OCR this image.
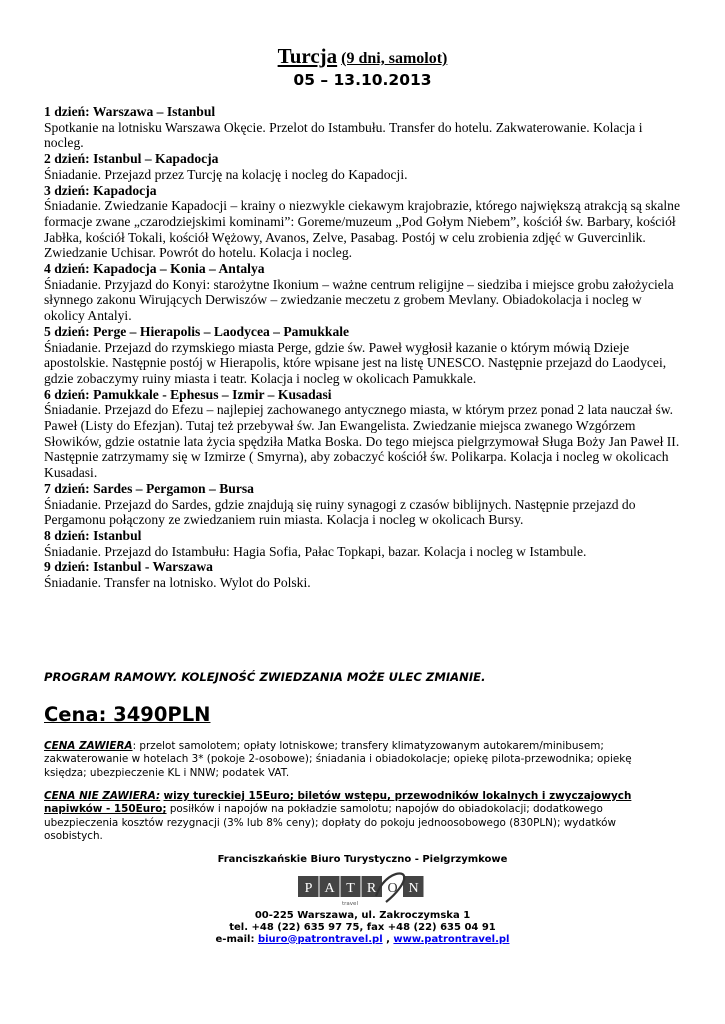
Turcja (9 dni, samolot)
05 – 13.10.2013

1 dzień: Warszawa – Istanbul

Spotkanie na lotnisku Warszawa Okęcie. Przelot do Istambułu. Transfer do hotelu. Zakwaterowanie. Kolacja i nocleg.

2 dzień: Istanbul – Kapadocja

Śniadanie. Przejazd przez Turcję na kolację i nocleg do Kapadocji.

3 dzień: Kapadocja

Śniadanie. Zwiedzanie Kapadocji – krainy o niezwykle ciekawym krajobrazie, którego największą atrakcją są skalne formacje zwane „czarodziejskimi kominami”: Goreme/muzeum „Pod Gołym Niebem”, kościół św. Barbary, kościół Jabłka, kościół Tokali, kościół Wężowy, Avanos, Zelve, Pasabag. Postój w celu zrobienia zdjęć w Guvercinlik. Zwiedzanie Uchisar. Powrót do hotelu. Kolacja i nocleg.

4 dzień: Kapadocja – Konia – Antalya

Śniadanie. Przyjazd do Konyi: starożytne Ikonium – ważne centrum religijne – siedziba i miejsce grobu założyciela słynnego zakonu Wirujących Derwiszów – zwiedzanie meczetu z grobem Mevlany. Obiadokolacja i nocleg w okolicy Antalyi.

5 dzień: Perge – Hierapolis – Laodycea – Pamukkale

Śniadanie. Przejazd do rzymskiego miasta Perge, gdzie św. Paweł wygłosił kazanie o którym mówią Dzieje apostolskie. Następnie postój w Hierapolis, które wpisane jest na listę UNESCO. Następnie przejazd do Laodycei, gdzie zobaczymy ruiny miasta i teatr. Kolacja i nocleg w okolicach Pamukkale.

6 dzień: Pamukkale - Ephesus – Izmir – Kusadasi

Śniadanie. Przejazd do Efezu – najlepiej zachowanego antycznego miasta, w którym przez ponad 2 lata nauczał św. Paweł (Listy do Efezjan). Tutaj też przebywał św. Jan Ewangelista. Zwiedzanie miejsca zwanego Wzgórzem Słowików, gdzie ostatnie lata życia spędziła Matka Boska. Do tego miejsca pielgrzymował Sługa Boży Jan Paweł II. Następnie zatrzymamy się w Izmirze ( Smyrna), aby zobaczyć kościół św. Polikarpa. Kolacja i nocleg w okolicach Kusadasi.

7 dzień: Sardes – Pergamon – Bursa

Śniadanie. Przejazd do Sardes, gdzie znajdują się ruiny synagogi z czasów biblijnych. Następnie przejazd do Pergamonu połączony ze zwiedzaniem ruin miasta. Kolacja i nocleg w okolicach Bursy.

8 dzień: Istanbul

Śniadanie. Przejazd do Istambułu: Hagia Sofia, Pałac Topkapi, bazar. Kolacja i nocleg w Istambule.

9 dzień: Istanbul - Warszawa

Śniadanie. Transfer na lotnisko. Wylot do Polski.

PROGRAM RAMOWY. KOLEJNOŚĆ ZWIEDZANIA MOŻE ULEC ZMIANIE.
Cena: 3490PLN
CENA ZAWIERA: przelot samolotem; opłaty lotniskowe; transfery klimatyzowanym autokarem/minibusem; zakwaterowanie w hotelach 3* (pokoje 2-osobowe); śniadania i obiadokolacje; opiekę pilota-przewodnika; opiekę księdza; ubezpieczenie KL i NNW; podatek VAT.
CENA NIE ZAWIERA: wizy tureckiej 15Euro; biletów wstępu, przewodników lokalnych i zwyczajowych napiwków - 150Euro; posiłków i napojów na pokładzie samolotu; napojów do obiadokolacji; dodatkowego ubezpieczenia kosztów rezygnacji (3% lub 8% ceny); dopłaty do pokoju jednoosobowego (830PLN); wydatków osobistych.
Franciszkańskie Biuro Turystyczno - Pielgrzymkowe
P A T R O N
travel
00-225 Warszawa, ul. Zakroczymska 1
tel. +48 (22) 635 97 75, fax +48 (22) 635 04 91
e-mail: biuro@patrontravel.pl , www.patrontravel.pl
